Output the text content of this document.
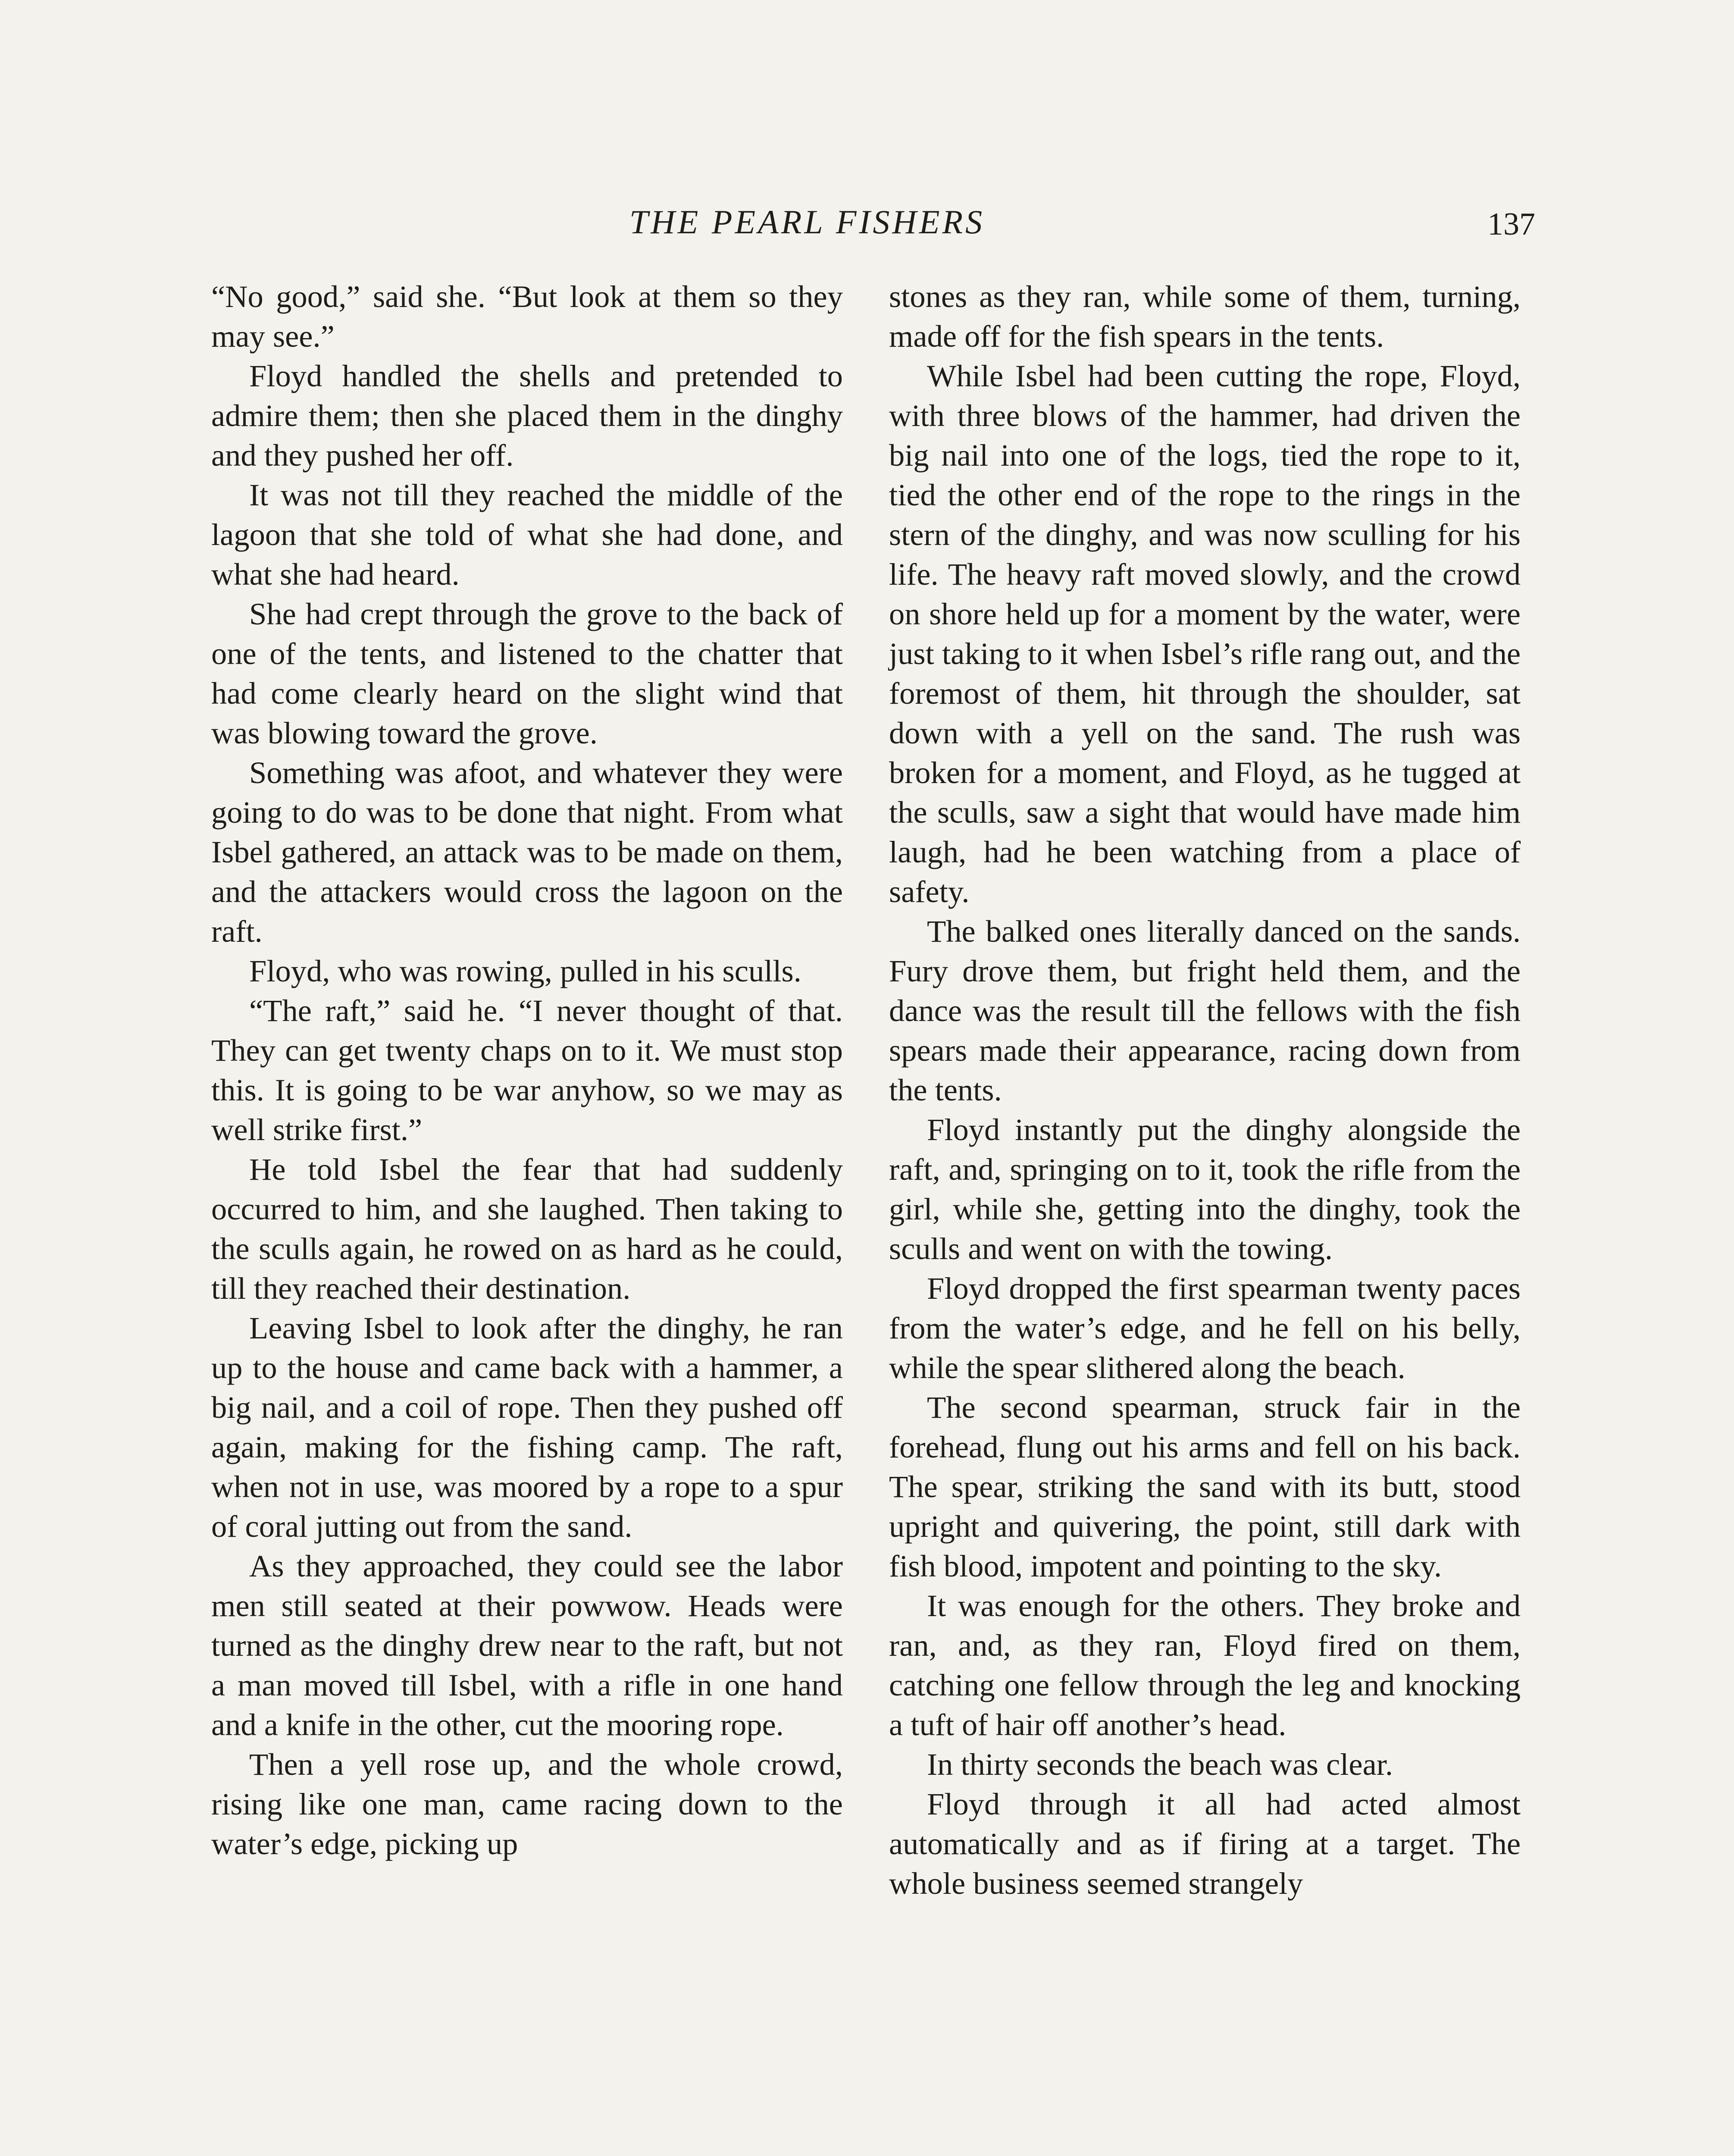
THE PEARL FISHERS	137

“No good,” said she. “But look at them so they may see.”

Floyd handled the shells and pretended to admire them; then she placed them in the dinghy and they pushed her off.

It was not till they reached the middle of the lagoon that she told of what she had done, and what she had heard.

She had crept through the grove to the back of one of the tents, and listened to the chatter that had come clearly heard on the slight wind that was blowing toward the grove.

Something was afoot, and whatever they were going to do was to be done that night. From what Isbel gathered, an attack was to be made on them, and the attackers would cross the lagoon on the raft.

Floyd, who was rowing, pulled in his sculls.

“The raft,” said he. “I never thought of that. They can get twenty chaps on to it. We must stop this. It is going to be war anyhow, so we may as well strike first.”

He told Isbel the fear that had suddenly occurred to him, and she laughed. Then taking to the sculls again, he rowed on as hard as he could, till they reached their destination.

Leaving Isbel to look after the dinghy, he ran up to the house and came back with a hammer, a big nail, and a coil of rope. Then they pushed off again, making for the fishing camp. The raft, when not in use, was moored by a rope to a spur of coral jutting out from the sand.

As they approached, they could see the labor men still seated at their powwow. Heads were turned as the dinghy drew near to the raft, but not a man moved till Isbel, with a rifle in one hand and a knife in the other, cut the mooring rope.

Then a yell rose up, and the whole crowd, rising like one man, came racing down to the water’s edge, picking up

stones as they ran, while some of them, turning, made off for the fish spears in the tents.

While Isbel had been cutting the rope, Floyd, with three blows of the hammer, had driven the big nail into one of the logs, tied the rope to it, tied the other end of the rope to the rings in the stern of the dinghy, and was now sculling for his life. The heavy raft moved slowly, and the crowd on shore held up for a moment by the water, were just taking to it when Isbel’s rifle rang out, and the foremost of them, hit through the shoulder, sat down with a yell on the sand. The rush was broken for a moment, and Floyd, as he tugged at the sculls, saw a sight that would have made him laugh, had he been watching from a place of safety.

The balked ones literally danced on the sands. Fury drove them, but fright held them, and the dance was the result till the fellows with the fish spears made their appearance, racing down from the tents.

Floyd instantly put the dinghy alongside the raft, and, springing on to it, took the rifle from the girl, while she, getting into the dinghy, took the sculls and went on with the towing.

Floyd dropped the first spearman twenty paces from the water’s edge, and he fell on his belly, while the spear slithered along the beach.

The second spearman, struck fair in the forehead, flung out his arms and fell on his back. The spear, striking the sand with its butt, stood upright and quivering, the point, still dark with fish blood, impotent and pointing to the sky.

It was enough for the others. They broke and ran, and, as they ran, Floyd fired on them, catching one fellow through the leg and knocking a tuft of hair off another’s head.

In thirty seconds the beach was clear.

Floyd through it all had acted almost automatically and as if firing at a target. The whole business seemed strangely
